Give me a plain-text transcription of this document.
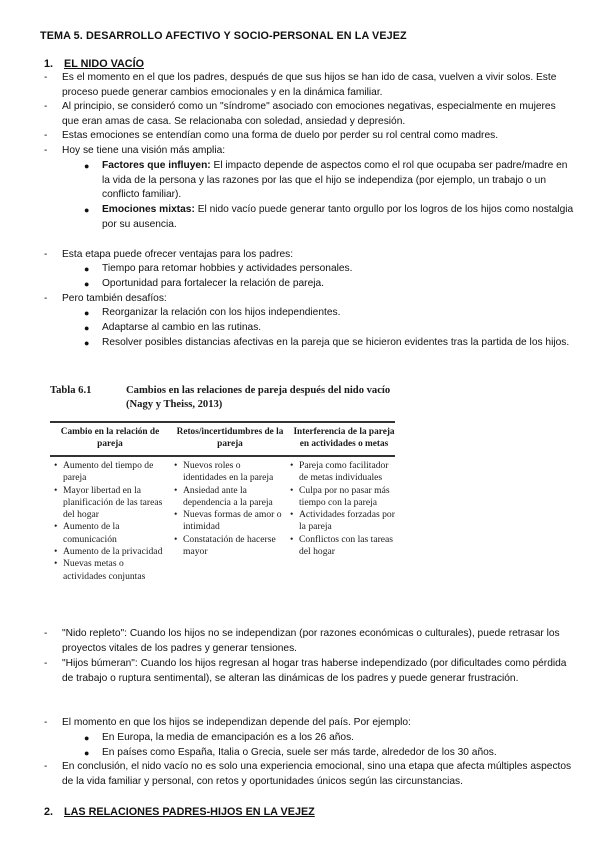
TEMA 5. DESARROLLO AFECTIVO Y SOCIO-PERSONAL EN LA VEJEZ
1. EL NIDO VACÍO
- Es el momento en el que los padres, después de que sus hijos se han ido de casa, vuelven a vivir solos. Este proceso puede generar cambios emocionales y en la dinámica familiar.
- Al principio, se consideró como un "síndrome" asociado con emociones negativas, especialmente en mujeres que eran amas de casa. Se relacionaba con soledad, ansiedad y depresión.
- Estas emociones se entendían como una forma de duelo por perder su rol central como madres.
- Hoy se tiene una visión más amplia:
● Factores que influyen: El impacto depende de aspectos como el rol que ocupaba ser padre/madre en la vida de la persona y las razones por las que el hijo se independiza (por ejemplo, un trabajo o un conflicto familiar).
● Emociones mixtas: El nido vacío puede generar tanto orgullo por los logros de los hijos como nostalgia por su ausencia.
- Esta etapa puede ofrecer ventajas para los padres:
● Tiempo para retomar hobbies y actividades personales.
● Oportunidad para fortalecer la relación de pareja.
- Pero también desafíos:
● Reorganizar la relación con los hijos independientes.
● Adaptarse al cambio en las rutinas.
● Resolver posibles distancias afectivas en la pareja que se hicieron evidentes tras la partida de los hijos.
Tabla 6.1	Cambios en las relaciones de pareja después del nido vacío (Nagy y Theiss, 2013)
Cambio en la relación de pareja
Retos/incertidumbres de la pareja
Interferencia de la pareja en actividades o metas
• Aumento del tiempo de pareja
• Mayor libertad en la planificación de las tareas del hogar
• Aumento de la comunicación
• Aumento de la privacidad
• Nuevas metas o actividades conjuntas
• Nuevos roles o identidades en la pareja
• Ansiedad ante la dependencia a la pareja
• Nuevas formas de amor o intimidad
• Constatación de hacerse mayor
• Pareja como facilitador de metas individuales
• Culpa por no pasar más tiempo con la pareja
• Actividades forzadas por la pareja
• Conflictos con las tareas del hogar
- "Nido repleto": Cuando los hijos no se independizan (por razones económicas o culturales), puede retrasar los proyectos vitales de los padres y generar tensiones.
- "Hijos búmeran": Cuando los hijos regresan al hogar tras haberse independizado (por dificultades como pérdida de trabajo o ruptura sentimental), se alteran las dinámicas de los padres y puede generar frustración.
- El momento en que los hijos se independizan depende del país. Por ejemplo:
● En Europa, la media de emancipación es a los 26 años.
● En países como España, Italia o Grecia, suele ser más tarde, alrededor de los 30 años.
- En conclusión, el nido vacío no es solo una experiencia emocional, sino una etapa que afecta múltiples aspectos de la vida familiar y personal, con retos y oportunidades únicos según las circunstancias.
2. LAS RELACIONES PADRES-HIJOS EN LA VEJEZ
